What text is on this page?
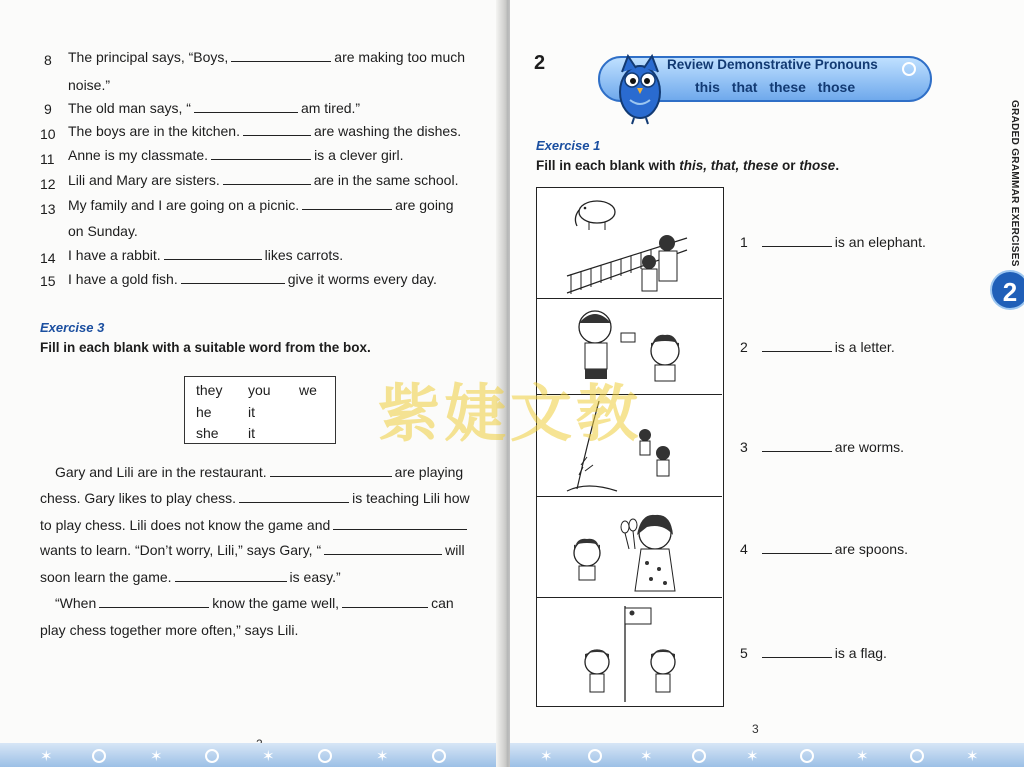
8 The principal says, “Boys,	are making too much
noise.”
9 The old man says, “	am tired.”
10 The boys are in the kitchen.	are washing the dishes.
11 Anne is my classmate.	is a clever girl.
12 Lili and Mary are sisters.	are in the same school.
13 My family and I are going on a picnic.	are going
on Sunday.
14 I have a rabbit.	likes carrots.
15 I have a gold fish.	give it worms every day.
Exercise 3
Fill in each blank with a suitable word from the box.
they you we
he	it
she it
Gary and Lili are in the restaurant.	are playing
chess. Gary likes to play chess.	is teaching Lili how
to play chess. Lili does not know the game and
wants to learn. “Don’t worry, Lili,” says Gary, “	will
soon learn the game.	is easy.”
“When	know the game well,	can
play chess together more often,” says Lili.
✶	✶	✶	✶	✶	✶	✶	✶	✶
2	Review Demonstrative Pronouns
this that these those
GRADED GRAMMAR EXERCISES
2
Exercise 1
Fill in each blank with this, that, these or those.
1	is an elephant.
2	is a letter.
3	are worms.
4	are spoons.
5	is a flag.
3
紫婕文教
